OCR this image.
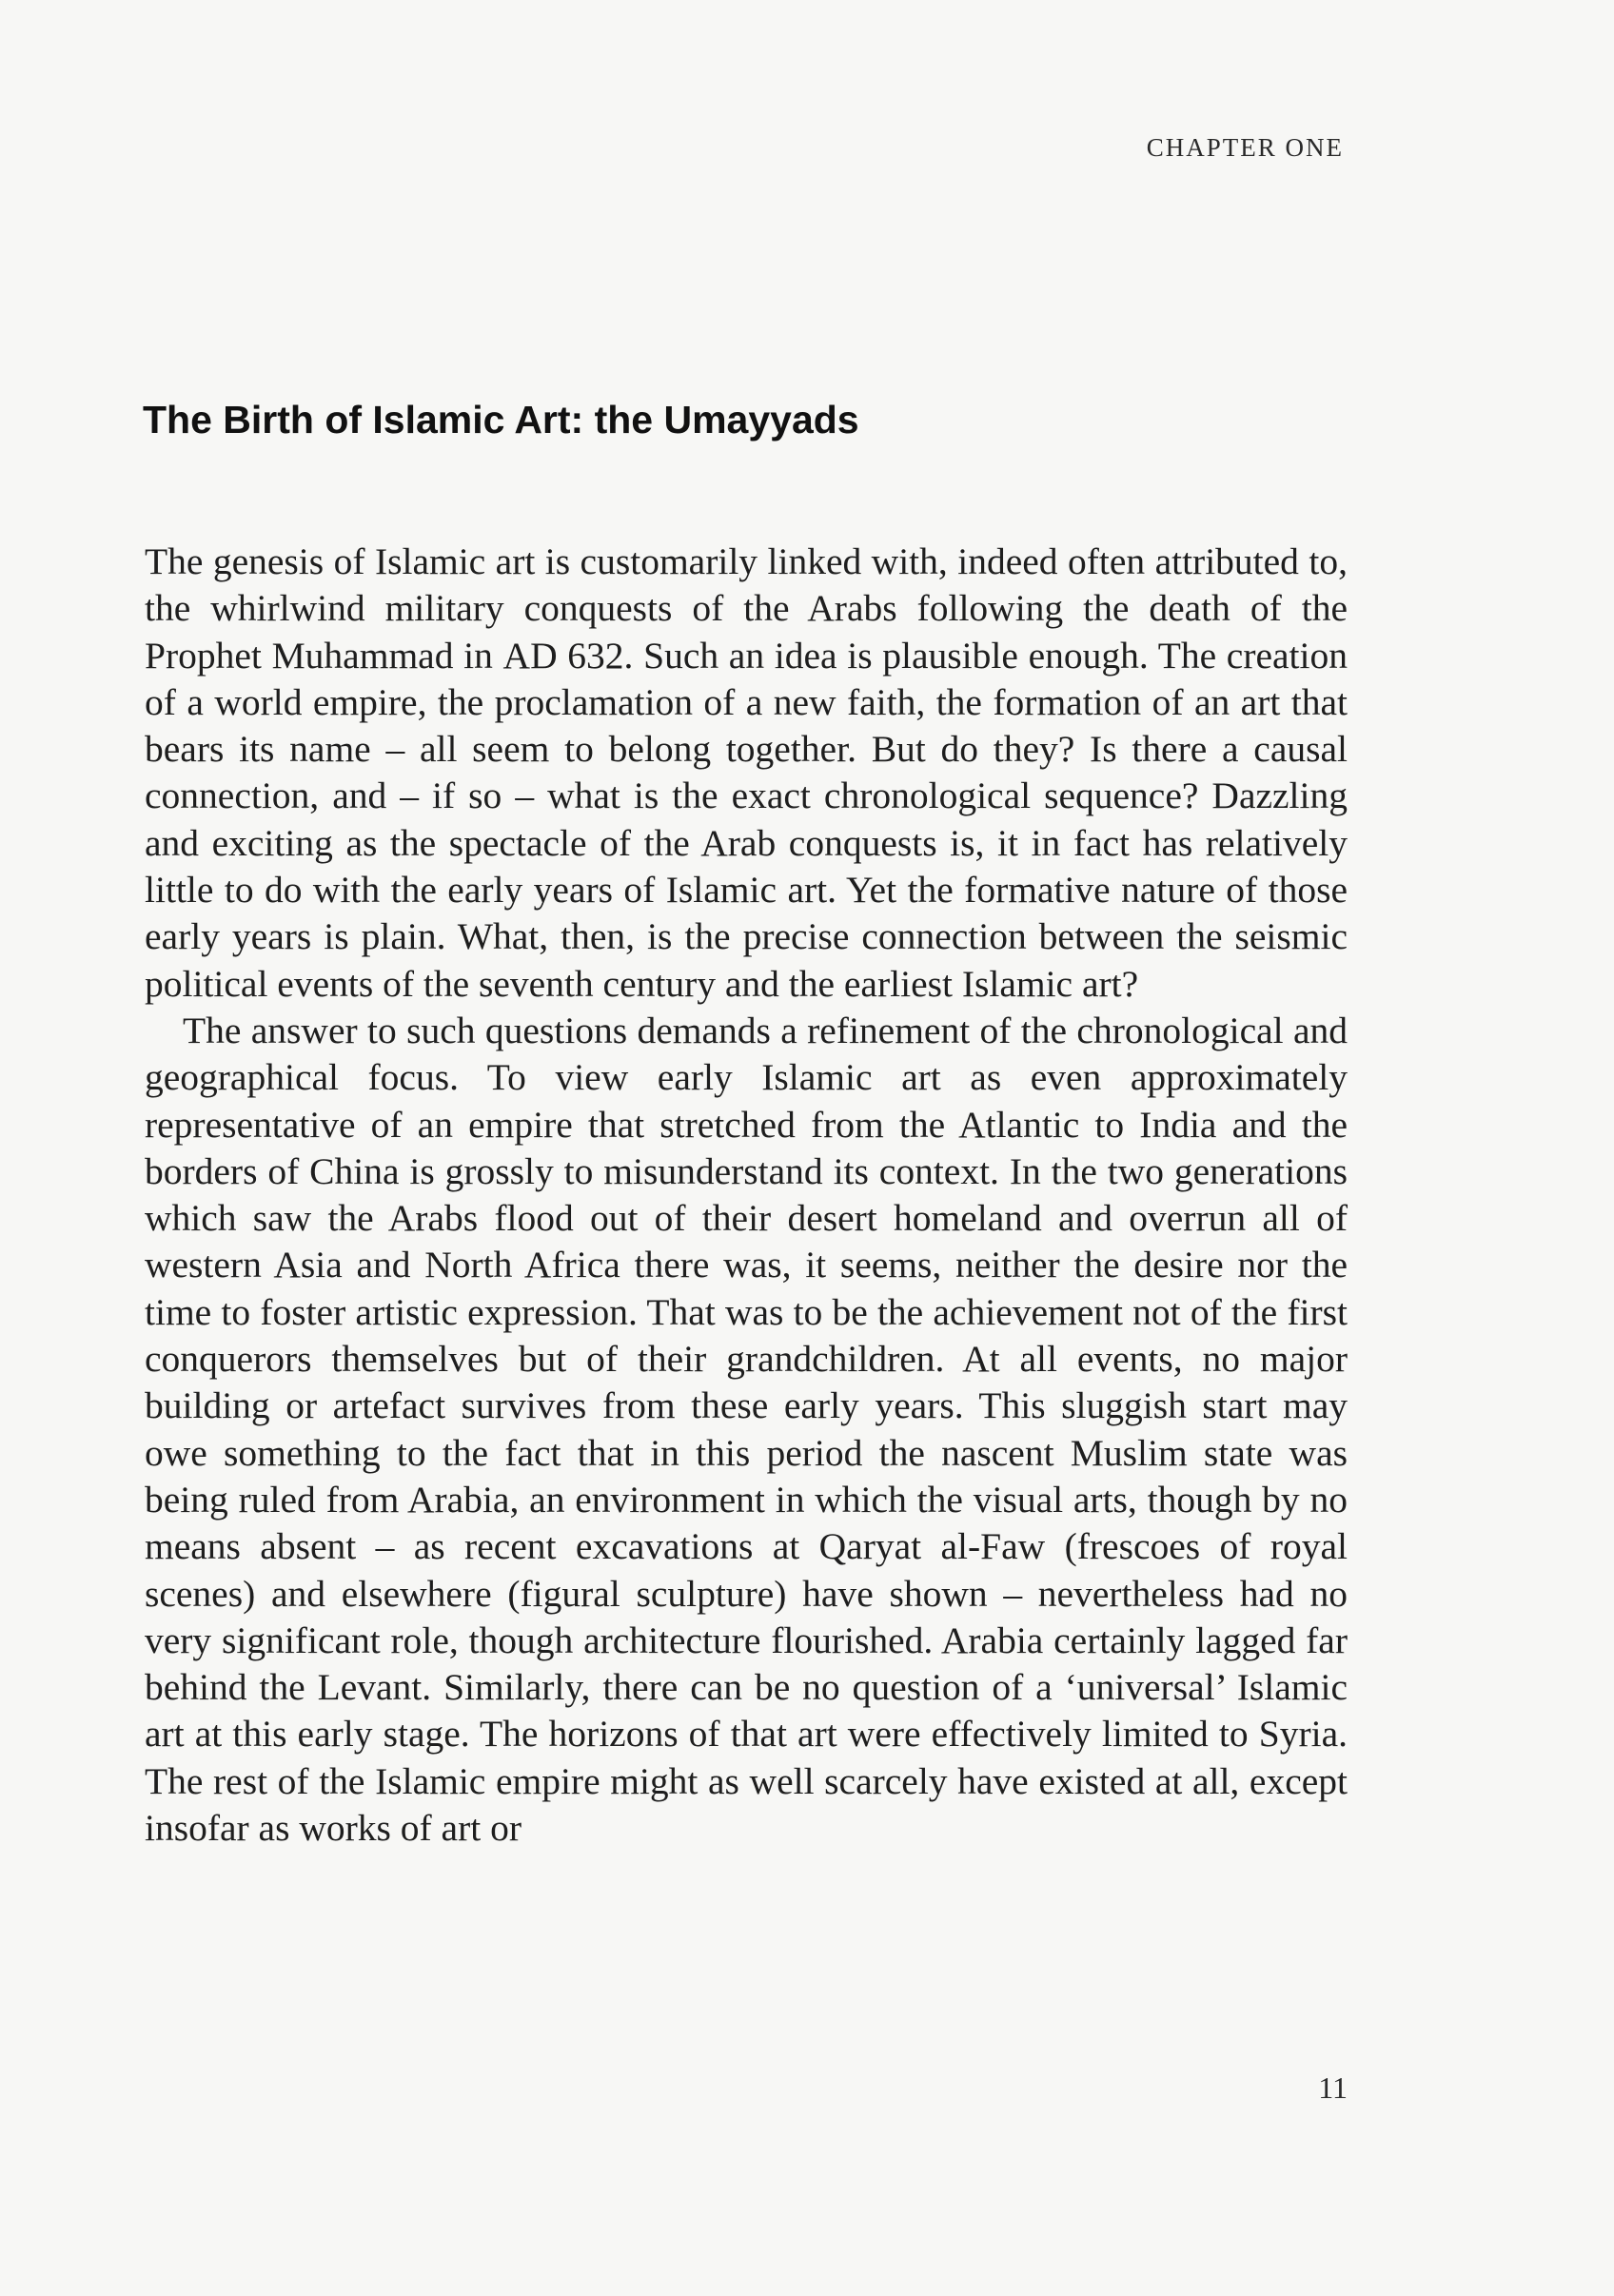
CHAPTER ONE
The Birth of Islamic Art: the Umayyads

The genesis of Islamic art is customarily linked with, indeed often attributed to, the whirlwind military conquests of the Arabs following the death of the Prophet Muhammad in AD 632. Such an idea is plausible enough. The creation of a world empire, the proclamation of a new faith, the formation of an art that bears its name – all seem to belong together. But do they? Is there a causal connection, and – if so – what is the exact chronological sequence? Dazzling and exciting as the spectacle of the Arab conquests is, it in fact has relatively little to do with the early years of Islamic art. Yet the formative nature of those early years is plain. What, then, is the precise connection between the seismic political events of the seventh century and the earliest Islamic art?

The answer to such questions demands a refinement of the chronological and geographical focus. To view early Islamic art as even approximately representative of an empire that stretched from the Atlantic to India and the borders of China is grossly to misunderstand its context. In the two generations which saw the Arabs flood out of their desert homeland and overrun all of western Asia and North Africa there was, it seems, neither the desire nor the time to foster artistic expression. That was to be the achievement not of the first conquerors themselves but of their grandchildren. At all events, no major building or artefact survives from these early years. This sluggish start may owe something to the fact that in this period the nascent Muslim state was being ruled from Arabia, an environment in which the visual arts, though by no means absent – as recent excavations at Qaryat al-Faw (frescoes of royal scenes) and elsewhere (figural sculpture) have shown – nevertheless had no very significant role, though architecture flourished. Arabia certainly lagged far behind the Levant. Similarly, there can be no question of a ‘universal’ Islamic art at this early stage. The horizons of that art were effectively limited to Syria. The rest of the Islamic empire might as well scarcely have existed at all, except insofar as works of art or

11
